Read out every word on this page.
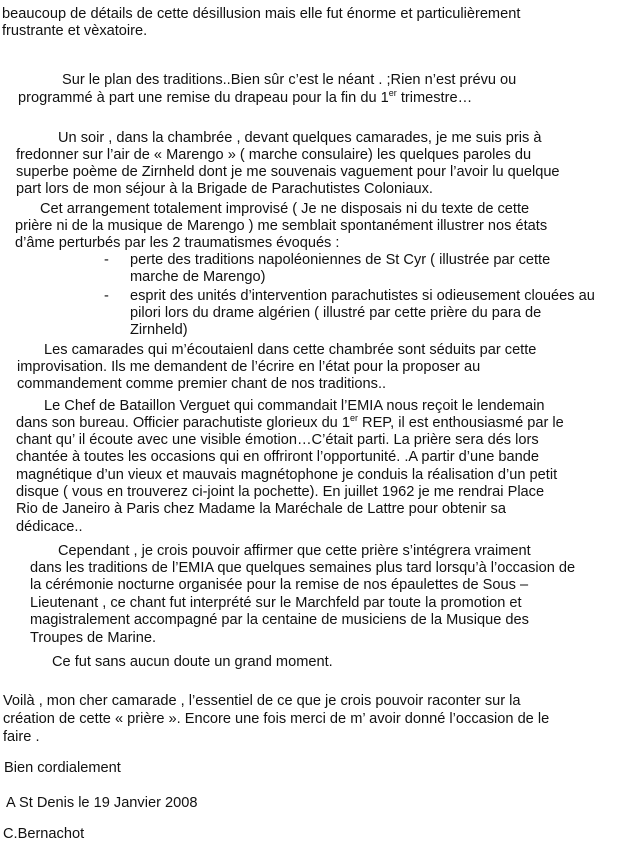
beaucoup de détails de cette désillusion mais elle fut énorme et particulièrement
frustrante et vèxatoire.
Sur le plan des traditions..Bien sûr c’est le néant . ;Rien n’est prévu ou
programmé à part une remise du drapeau pour la fin du 1er trimestre…
Un soir , dans la chambrée , devant quelques camarades, je me suis pris à
fredonner sur l’air de « Marengo » ( marche consulaire) les quelques paroles du
superbe poème de Zirnheld dont je me souvenais vaguement pour l’avoir lu quelque
part lors de mon séjour à la Brigade de Parachutistes Coloniaux.
Cet arrangement totalement improvisé ( Je ne disposais ni du texte de cette
prière ni de la musique de Marengo ) me semblait spontanément illustrer nos états
d’âme perturbés par les 2 traumatismes évoqués :
- perte des traditions napoléoniennes de St Cyr ( illustrée par cette
marche de Marengo)
- esprit des unités d’intervention parachutistes si odieusement clouées au
pilori lors du drame algérien ( illustré par cette prière du para de
Zirnheld)
Les camarades qui m’écoutaienl dans cette chambrée sont séduits par cette
improvisation. Ils me demandent de l’écrire en l’état pour la proposer au
commandement comme premier chant de nos traditions..
Le Chef de Bataillon Verguet qui commandait l’EMIA nous reçoit le lendemain
dans son bureau. Officier parachutiste glorieux du 1er REP, il est enthousiasmé par le
chant qu’ il écoute avec une visible émotion…C’était parti. La prière sera dés lors
chantée à toutes les occasions qui en offriront l’opportunité. .A partir d’une bande
magnétique d’un vieux et mauvais magnétophone je conduis la réalisation d’un petit
disque ( vous en trouverez ci-joint la pochette). En juillet 1962 je me rendrai Place
Rio de Janeiro à Paris chez Madame la Maréchale de Lattre pour obtenir sa
dédicace..
Cependant , je crois pouvoir affirmer que cette prière s’intégrera vraiment
dans les traditions de l’EMIA que quelques semaines plus tard lorsqu’à l’occasion de
la cérémonie nocturne organisée pour la remise de nos épaulettes de Sous –
Lieutenant , ce chant fut interprété sur le Marchfeld par toute la promotion et
magistralement accompagné par la centaine de musiciens de la Musique des
Troupes de Marine.
Ce fut sans aucun doute un grand moment.
Voilà , mon cher camarade , l’essentiel de ce que je crois pouvoir raconter sur la
création de cette « prière ». Encore une fois merci de m’ avoir donné l’occasion de le
faire .
Bien cordialement
A St Denis le 19 Janvier 2008
C.Bernachot
